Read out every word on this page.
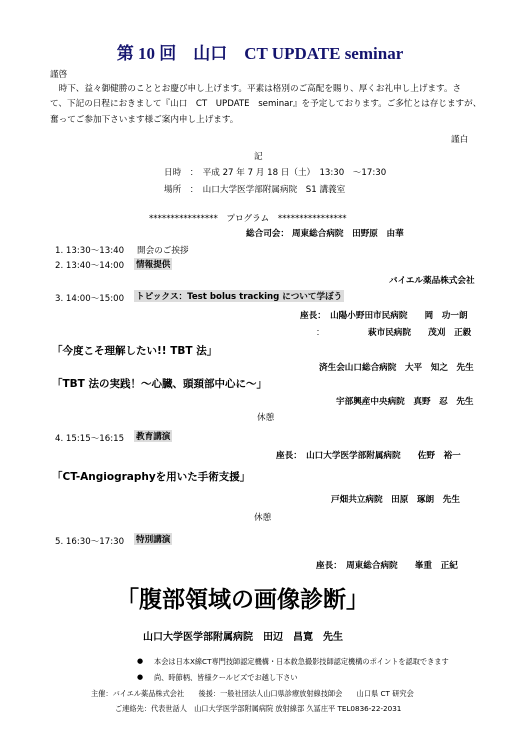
第 10 回　山口　CT UPDATE seminar
謹啓
　時下、益々御健勝のこととお慶び申し上げます。平素は格別のご高配を賜り、厚くお礼申し上げます。さ
て、下記の日程におきまして『山口　CT　UPDATE　seminar』を予定しております。ご多忙とは存じますが、
奮ってご参加下さいます様ご案内申し上げます。
謹白
記
日時　：　平成 27 年 7 月 18 日（土）　13:30　～17:30
場所　：　山口大学医学部附属病院　S1 講義室
****************　プログラム　****************
総合司会： 周東総合病院　田野原　由華
1. 13:30～13:40 開会のご挨拶
2. 13:40～14:00 情報提供
バイエル薬品株式会社
3. 14:00～15:00 トピックス：Test bolus tracking について学ぼう
座長：　山陽小野田市民病院　　岡　功一朗
：	萩市民病院　　茂刈　正毅
「今度こそ理解したい!! TBT 法」
済生会山口総合病院　大平　知之　先生
「TBT 法の実践！～心臓、頭頚部中心に～」
宇部興産中央病院　真野　忍　先生
休憩
4. 15:15～16:15 教育講演
座長：　山口大学医学部附属病院　　佐野　裕一
「CT-Angiographyを用いた手術支援」
戸畑共立病院　田原　琢朗　先生
休憩
5. 16:30～17:30 特別講演
座長：　周東総合病院　　峯重　正紀
「腹部領域の画像診断」
山口大学医学部附属病院　田辺　昌寛　先生
● 本会は日本X線CT専門技師認定機構・日本救急撮影技師認定機構のポイントを認取できます
● 尚、時節柄、皆様クールビズでお越し下さい
主催：バイエル薬品株式会社　　後援：一般社団法人山口県診療放射線技師会　　山口県 CT 研究会
ご連絡先：代表世話人　山口大学医学部附属病院 放射線部 久冨庄平 TEL0836-22-2031
